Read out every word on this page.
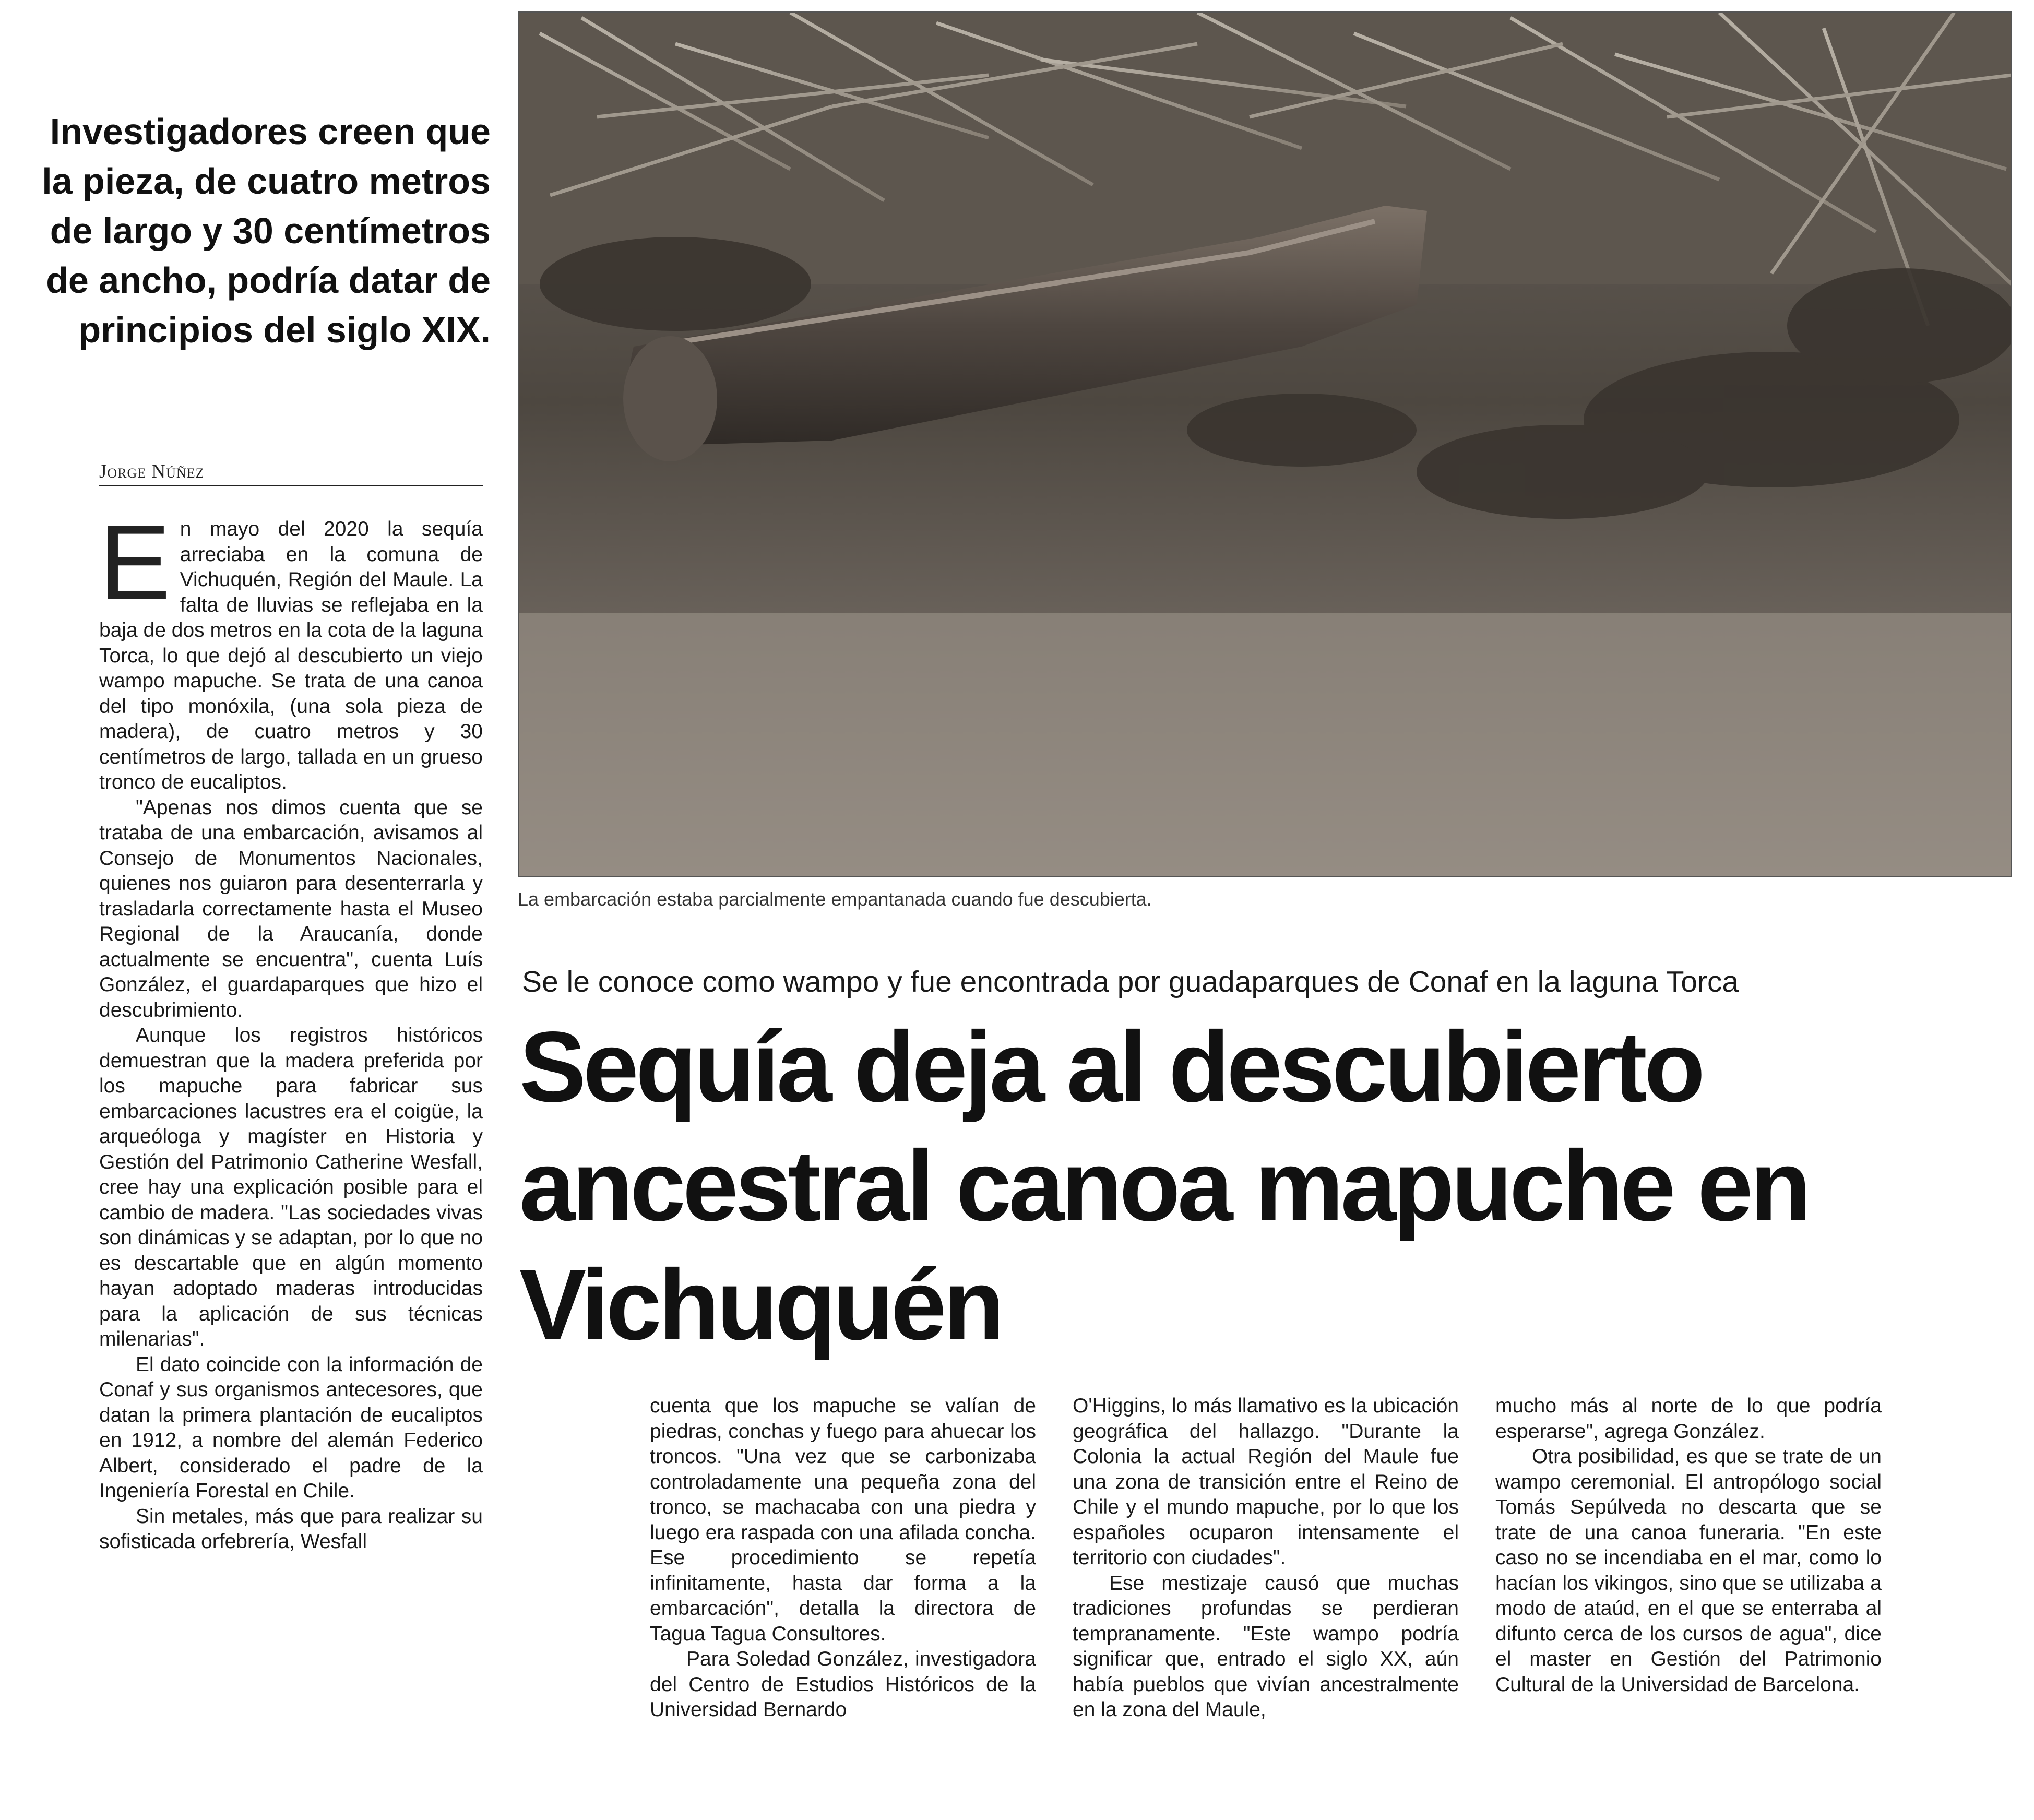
Investigadores creen que la pieza, de cuatro metros de largo y 30 centímetros de ancho, podría datar de principios del siglo XIX.
Jorge Núñez

En mayo del 2020 la sequía arreciaba en la comuna de Vichuquén, Región del Maule. La falta de lluvias se reflejaba en la baja de dos metros en la cota de la laguna Torca, lo que dejó al descubierto un viejo wampo mapuche. Se trata de una canoa del tipo monóxila, (una sola pieza de madera), de cuatro metros y 30 centímetros de largo, tallada en un grueso tronco de eucaliptos.

"Apenas nos dimos cuenta que se trataba de una embarcación, avisamos al Consejo de Monumentos Nacionales, quienes nos guiaron para desenterrarla y trasladarla correctamente hasta el Museo Regional de la Araucanía, donde actualmente se encuentra", cuenta Luís González, el guardaparques que hizo el descubrimiento.

Aunque los registros históricos demuestran que la madera preferida por los mapuche para fabricar sus embarcaciones lacustres era el coigüe, la arqueóloga y magíster en Historia y Gestión del Patrimonio Catherine Wesfall, cree hay una explicación posible para el cambio de madera. "Las sociedades vivas son dinámicas y se adaptan, por lo que no es descartable que en algún momento hayan adoptado maderas introducidas para la aplicación de sus técnicas milenarias".

El dato coincide con la información de Conaf y sus organismos antecesores, que datan la primera plantación de eucaliptos en 1912, a nombre del alemán Federico Albert, considerado el padre de la Ingeniería Forestal en Chile.

Sin metales, más que para realizar su sofisticada orfebrería, Wesfall

La embarcación estaba parcialmente empantanada cuando fue descubierta.
Se le conoce como wampo y fue encontrada por guadaparques de Conaf en la laguna Torca
Sequía deja al descubierto ancestral canoa mapuche en Vichuquén

cuenta que los mapuche se valían de piedras, conchas y fuego para ahuecar los troncos. "Una vez que se carbonizaba controladamente una pequeña zona del tronco, se machacaba con una piedra y luego era raspada con una afilada concha. Ese procedimiento se repetía infinitamente, hasta dar forma a la embarcación", detalla la directora de Tagua Tagua Consultores.

Para Soledad González, investigadora del Centro de Estudios Históricos de la Universidad Bernardo

O'Higgins, lo más llamativo es la ubicación geográfica del hallazgo. "Durante la Colonia la actual Región del Maule fue una zona de transición entre el Reino de Chile y el mundo mapuche, por lo que los españoles ocuparon intensamente el territorio con ciudades".

Ese mestizaje causó que muchas tradiciones profundas se perdieran tempranamente. "Este wampo podría significar que, entrado el siglo XX, aún había pueblos que vivían ancestralmente en la zona del Maule,

mucho más al norte de lo que podría esperarse", agrega González.

Otra posibilidad, es que se trate de un wampo ceremonial. El antropólogo social Tomás Sepúlveda no descarta que se trate de una canoa funeraria. "En este caso no se incendiaba en el mar, como lo hacían los vikingos, sino que se utilizaba a modo de ataúd, en el que se enterraba al difunto cerca de los cursos de agua", dice el master en Gestión del Patrimonio Cultural de la Universidad de Barcelona.
